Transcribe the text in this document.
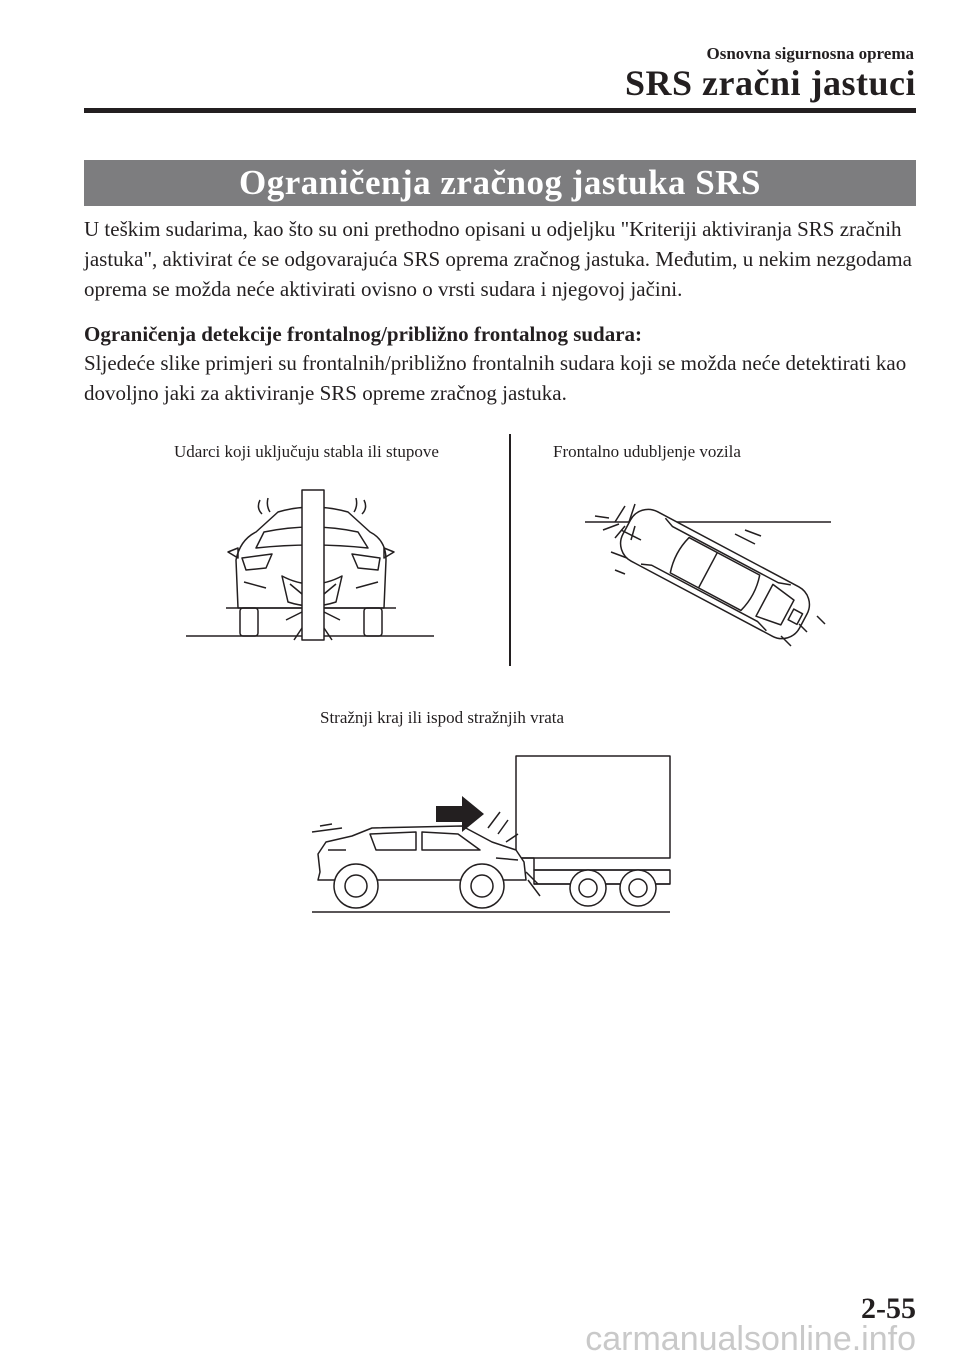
Osnovna sigurnosna oprema
SRS zračni jastuci
Ograničenja zračnog jastuka SRS
U teškim sudarima, kao što su oni prethodno opisani u odjeljku "Kriteriji aktiviranja SRS zračnih jastuka", aktivirat će se odgovarajuća SRS oprema zračnog jastuka. Međutim, u nekim nezgodama oprema se možda neće aktivirati ovisno o vrsti sudara i njegovoj jačini.
Ograničenja detekcije frontalnog/približno frontalnog sudara:
Sljedeće slike primjeri su frontalnih/približno frontalnih sudara koji se možda neće detektirati kao dovoljno jaki za aktiviranje SRS opreme zračnog jastuka.
Udarci koji uključuju stabla ili stupove	Frontalno udubljenje vozila
Stražnji kraj ili ispod stražnjih vrata
2-55
carmanualsonline.info
